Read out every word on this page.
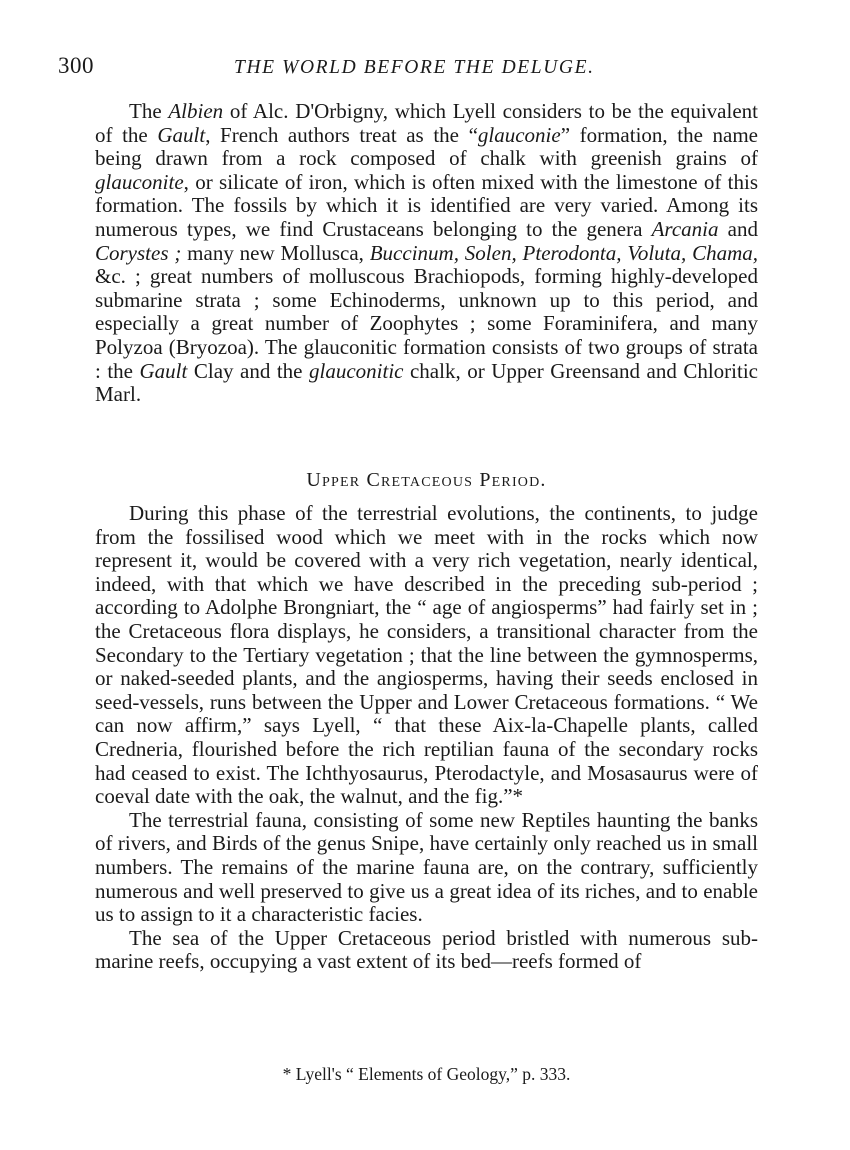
300	THE WORLD BEFORE THE DELUGE.

The Albien of Alc. D'Orbigny, which Lyell considers to be the equivalent of the Gault, French authors treat as the “glauconie” formation, the name being drawn from a rock composed of chalk with greenish grains of glauconite, or silicate of iron, which is often mixed with the limestone of this formation. The fossils by which it is identified are very varied. Among its numerous types, we find Crustaceans belonging to the genera Arcania and Corystes ; many new Mollusca, Buccinum, Solen, Pterodonta, Voluta, Chama, &c. ; great numbers of molluscous Brachiopods, forming highly-developed submarine strata ; some Echinoderms, unknown up to this period, and especially a great number of Zoophytes ; some Foraminifera, and many Polyzoa (Bryozoa). The glauconitic formation consists of two groups of strata : the Gault Clay and the glauconitic chalk, or Upper Greensand and Chloritic Marl.

Upper Cretaceous Period.

During this phase of the terrestrial evolutions, the continents, to judge from the fossilised wood which we meet with in the rocks which now represent it, would be covered with a very rich vegetation, nearly identical, indeed, with that which we have described in the preceding sub-period ; according to Adolphe Brongniart, the “ age of angiosperms” had fairly set in ; the Cretaceous flora displays, he considers, a transitional character from the Secondary to the Tertiary vegetation ; that the line between the gymnosperms, or naked-seeded plants, and the angiosperms, having their seeds enclosed in seed-vessels, runs between the Upper and Lower Cretaceous formations. “ We can now affirm,” says Lyell, “ that these Aix-la-Chapelle plants, called Credneria, flourished before the rich reptilian fauna of the secondary rocks had ceased to exist. The Ichthyosaurus, Pterodactyle, and Mosasaurus were of coeval date with the oak, the walnut, and the fig.”*

The terrestrial fauna, consisting of some new Reptiles haunting the banks of rivers, and Birds of the genus Snipe, have certainly only reached us in small numbers. The remains of the marine fauna are, on the contrary, sufficiently numerous and well preserved to give us a great idea of its riches, and to enable us to assign to it a characteristic facies.

The sea of the Upper Cretaceous period bristled with numerous sub-marine reefs, occupying a vast extent of its bed—reefs formed of

* Lyell's “ Elements of Geology,” p. 333.
